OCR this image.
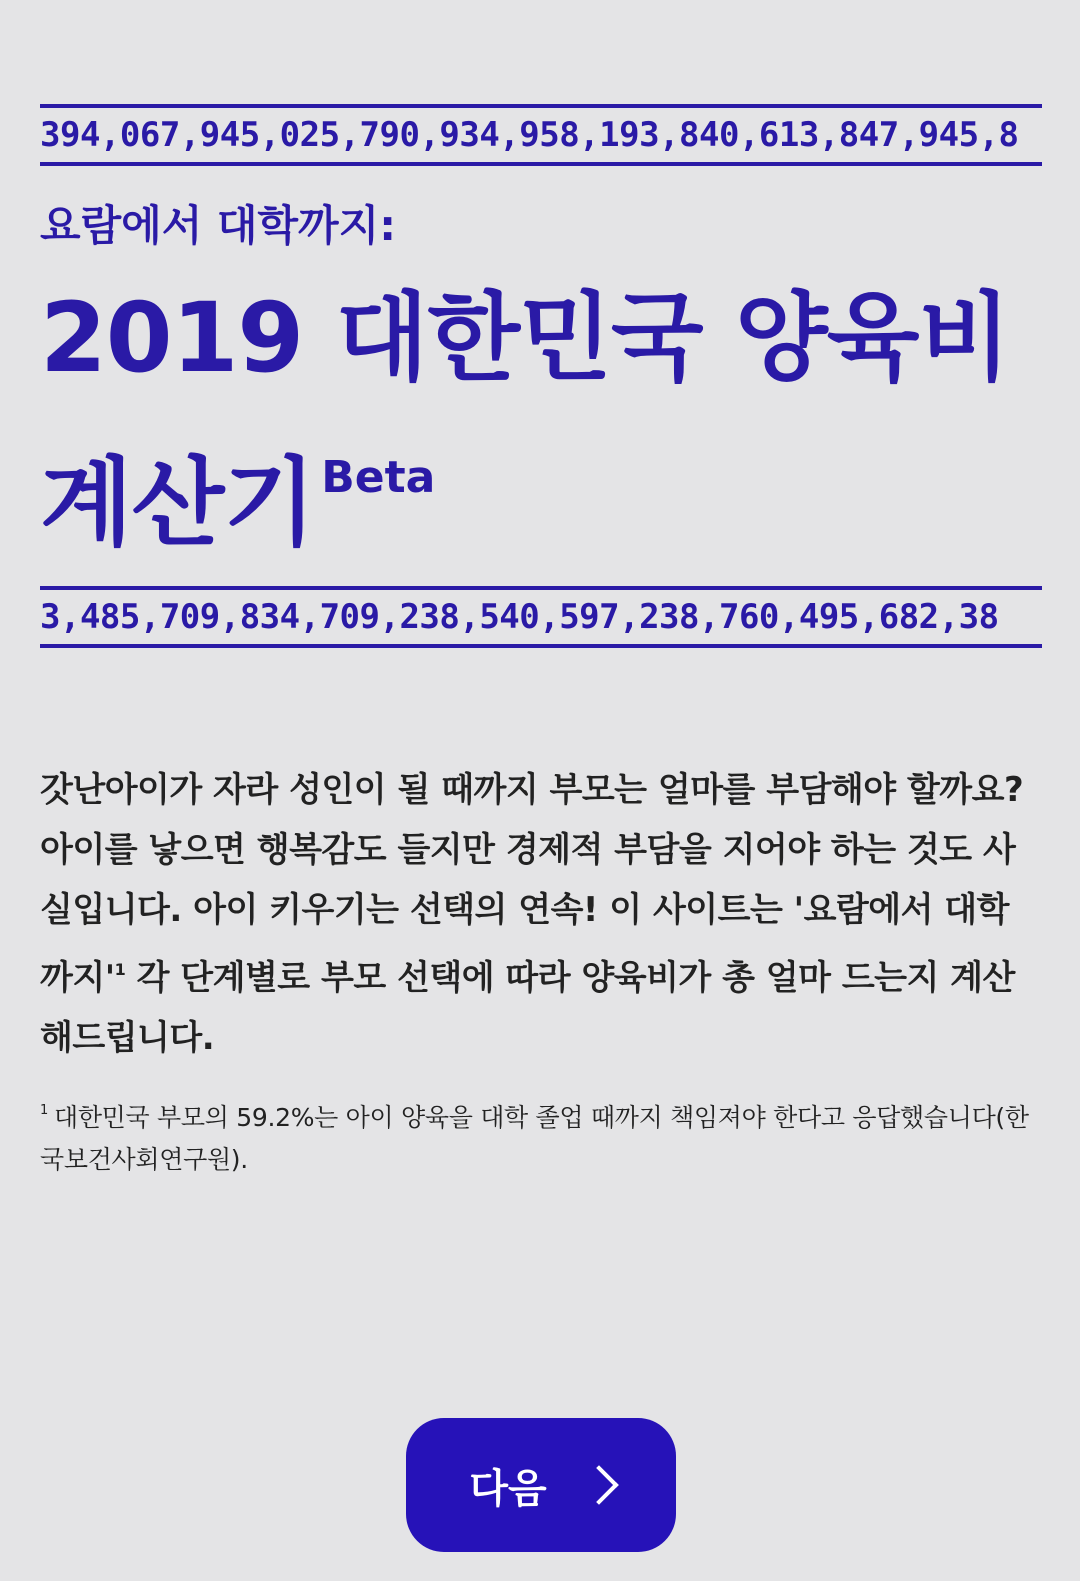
394,067,945,025,790,934,958,193,840,613,847,945,8
요람에서 대학까지:
2019 대한민국 양육비 계산기 $^{Beta}$
3,485,709,834,709,238,540,597,238,760,495,682,38

갓난아이가 자라 성인이 될 때까지 부모는 얼마를 부담해야 할까요? 아이를 낳으면 행복감도 들지만 경제적 부담을 지어야 하는 것도 사실입니다. 아이 키우기는 선택의 연속! 이 사이트는 '요람에서 대학까지'$^1$ 각 단계별로 부모 선택에 따라 양육비가 총 얼마 드는지 계산해드립니다.

$^1$ 대한민국 부모의 59.2%는 아이 양육을 대학 졸업 때까지 책임져야 한다고 응답했습니다(한국보건사회연구원).

다음
